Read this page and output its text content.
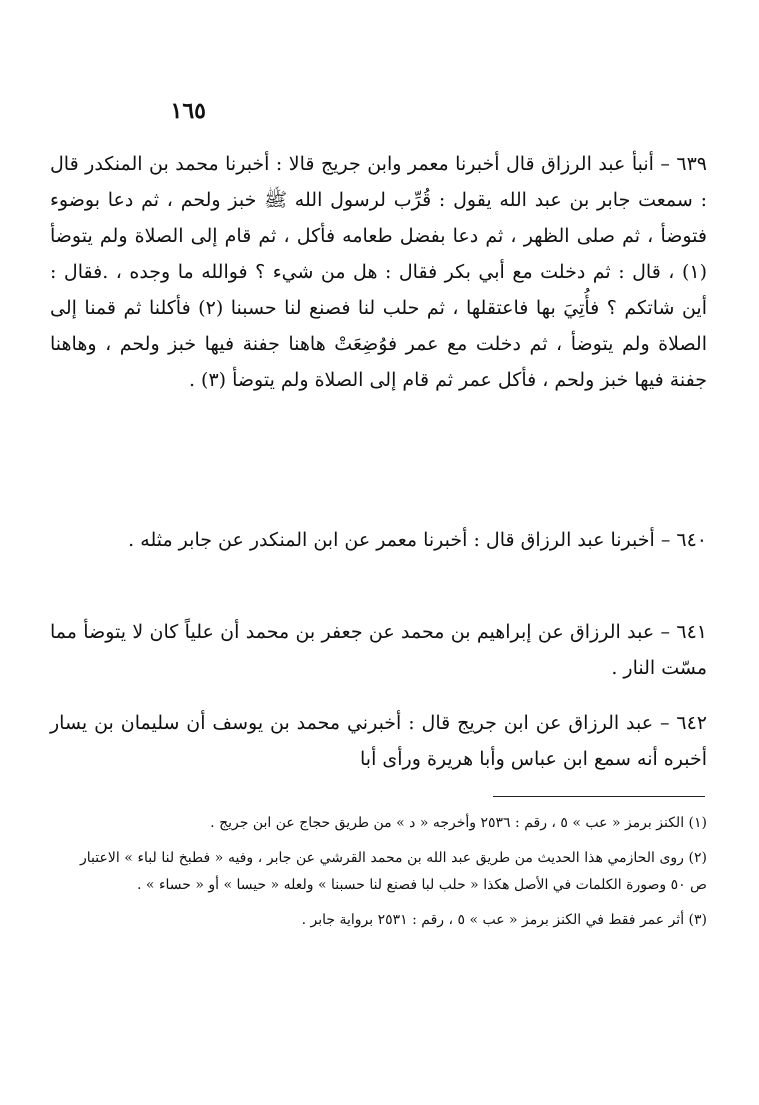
١٦٥

٦٣٩ – أنبأ عبد الرزاق قال أخبرنا معمر وابن جريج قالا : أخبرنا محمد بن المنكدر قال : سمعت جابر بن عبد الله يقول : قُرِّب لرسول الله ﷺ خبز ولحم ، ثم دعا بوضوء فتوضأ ، ثم صلى الظهر ، ثم دعا بفضل طعامه فأكل ، ثم قام إلى الصلاة ولم يتوضأ (١) ، قال : ثم دخلت مع أبي بكر فقال : هل من شيء ؟ فوالله ما وجده ، .فقال : أين شاتكم ؟ فأُتِيَ بها فاعتقلها ، ثم حلب لنا فصنع لنا حسبنا (٢) فأكلنا ثم قمنا إلى الصلاة ولم يتوضأ ، ثم دخلت مع عمر فوُضِعَتْ هاهنا جفنة فيها خبز ولحم ، وهاهنا جفنة فيها خبز ولحم ، فأكل عمر ثم قام إلى الصلاة ولم يتوضأ (٣) .

٦٤٠ – أخبرنا عبد الرزاق قال : أخبرنا معمر عن ابن المنكدر عن جابر مثله .

٦٤١ – عبد الرزاق عن إبراهيم بن محمد عن جعفر بن محمد أن علياً كان لا يتوضأ مما مسّت النار .

٦٤٢ – عبد الرزاق عن ابن جريج قال : أخبرني محمد بن يوسف أن سليمان بن يسار أخبره أنه سمع ابن عباس وأبا هريرة ورأى أبا

(١) الكنز برمز « عب » ٥ ، رقم : ٢٥٣٦ وأخرجه « د » من طريق حجاج عن ابن جريج .

(٢) روى الحازمي هذا الحديث من طريق عبد الله بن محمد القرشي عن جابر ، وفيه « فطبخ لنا لباء » الاعتبار ص ٥٠ وصورة الكلمات في الأصل هكذا « حلب لبا فصنع لنا حسبنا » ولعله « حيسا » أو « حساء » .

(٣) أثر عمر فقط في الكنز برمز « عب » ٥ ، رقم : ٢٥٣١ برواية جابر .
